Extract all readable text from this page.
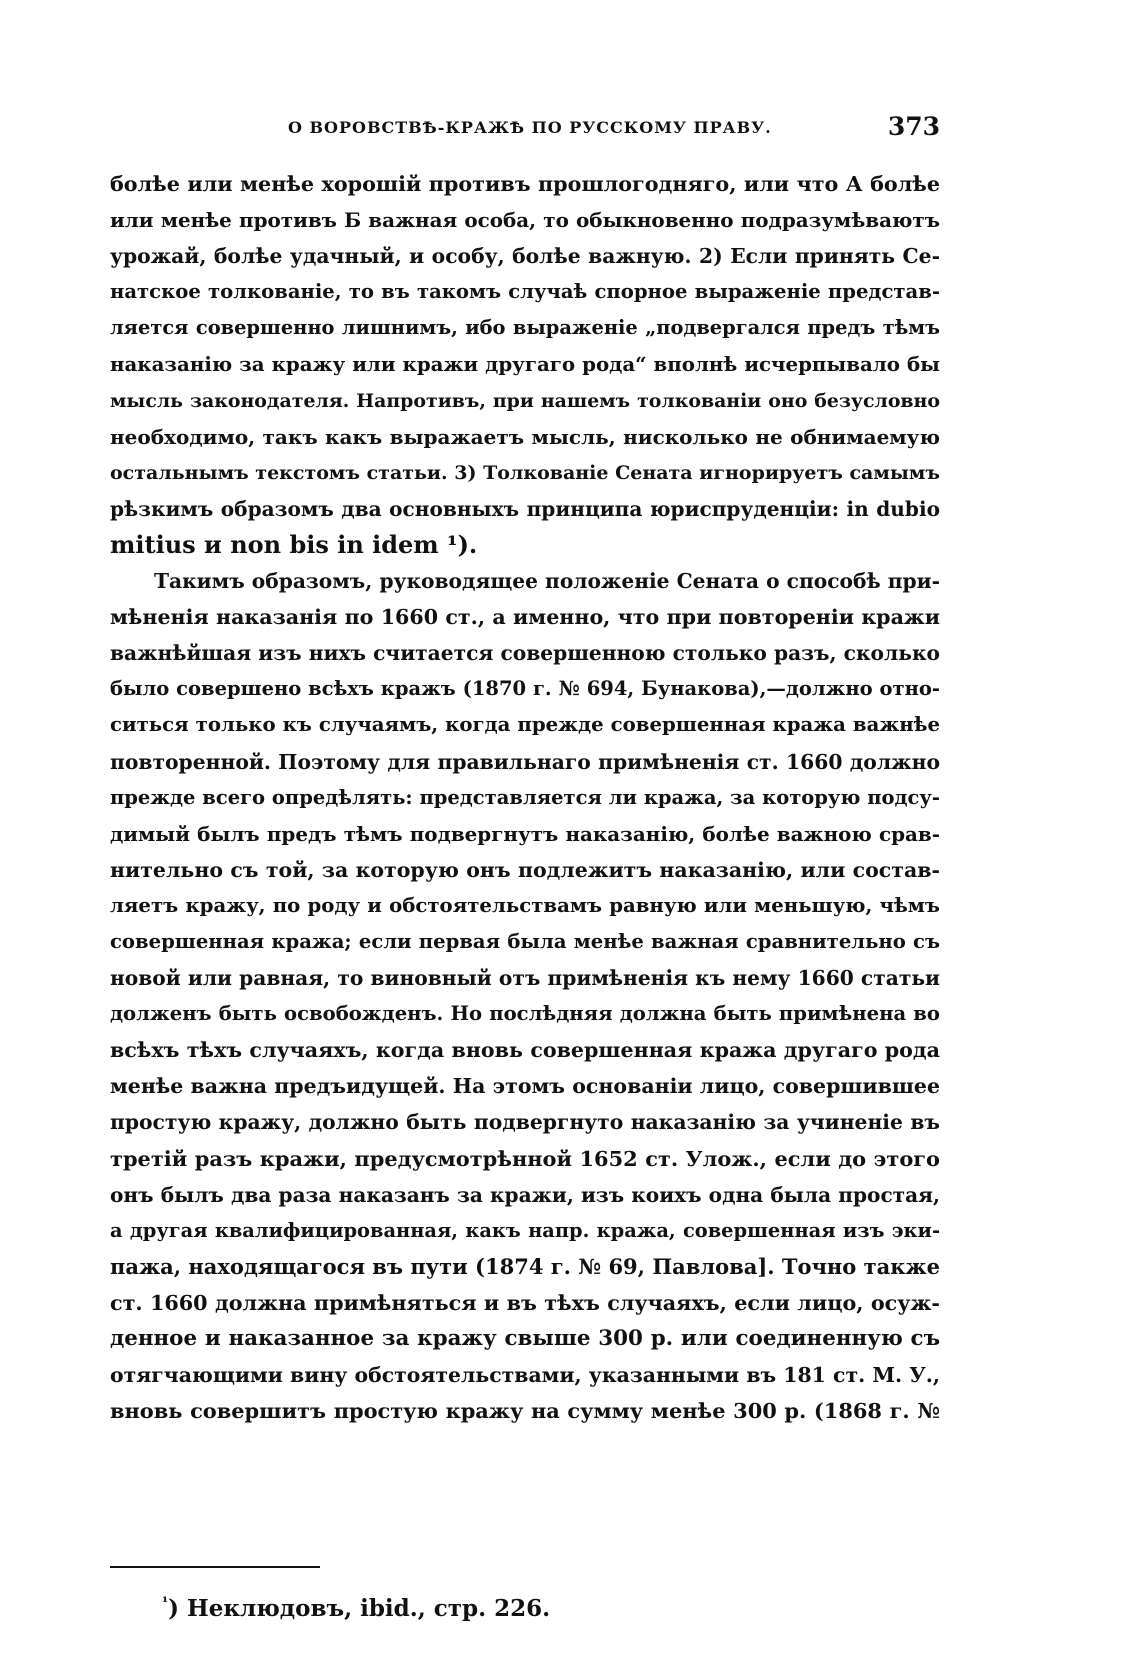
О ВОРОВСТВѢ-КРАЖѢ ПО РУССКОМУ ПРАВУ.	373
болѣе или менѣе хорошій противъ прошлогодняго, или что А болѣе
или менѣе противъ Б важная особа, то обыкновенно подразумѣваютъ
урожай, болѣе удачный, и особу, болѣе важную. 2) Если принять Се-
натское толкованіе, то въ такомъ случаѣ спорное выраженіе представ-
ляется совершенно лишнимъ, ибо выраженіе „подвергался предъ тѣмъ
наказанію за кражу или кражи другаго рода“ вполнѣ исчерпывало бы
мысль законодателя. Напротивъ, при нашемъ толкованіи оно безусловно
необходимо, такъ какъ выражаетъ мысль, нисколько не обнимаемую
остальнымъ текстомъ статьи. 3) Толкованіе Сената игнорируетъ самымъ
рѣзкимъ образомъ два основныхъ принципа юриспруденціи: in dubio
mitius и non bis in idem ¹).
Такимъ образомъ, руководящее положеніе Сената о способѣ при-
мѣненія наказанія по 1660 ст., а именно, что при повтореніи кражи
важнѣйшая изъ нихъ считается совершенною столько разъ, сколько
было совершено всѣхъ кражъ (1870 г. № 694, Бунакова),—должно отно-
ситься только къ случаямъ, когда прежде совершенная кража важнѣе
повторенной. Поэтому для правильнаго примѣненія ст. 1660 должно
прежде всего опредѣлять: представляется ли кража, за которую подсу-
димый былъ предъ тѣмъ подвергнутъ наказанію, болѣе важною срав-
нительно съ той, за которую онъ подлежитъ наказанію, или состав-
ляетъ кражу, по роду и обстоятельствамъ равную или меньшую, чѣмъ
совершенная кража; если первая была менѣе важная сравнительно съ
новой или равная, то виновный отъ примѣненія къ нему 1660 статьи
долженъ быть освобожденъ. Но послѣдняя должна быть примѣнена во
всѣхъ тѣхъ случаяхъ, когда вновь совершенная кража другаго рода
менѣе важна предъидущей. На этомъ основаніи лицо, совершившее
простую кражу, должно быть подвергнуто наказанію за учиненіе въ
третій разъ кражи, предусмотрѣнной 1652 ст. Улож., если до этого
онъ былъ два раза наказанъ за кражи, изъ коихъ одна была простая,
а другая квалифицированная, какъ напр. кража, совершенная изъ эки-
пажа, находящагося въ пути (1874 г. № 69, Павлова]. Точно также
ст. 1660 должна примѣняться и въ тѣхъ случаяхъ, если лицо, осуж-
денное и наказанное за кражу свыше 300 р. или соединенную съ
отягчающими вину обстоятельствами, указанными въ 181 ст. М. У.,
вновь совершитъ простую кражу на сумму менѣе 300 р. (1868 г. №
$^{^1}$) Неклюдовъ, ibid., стр. 226.
